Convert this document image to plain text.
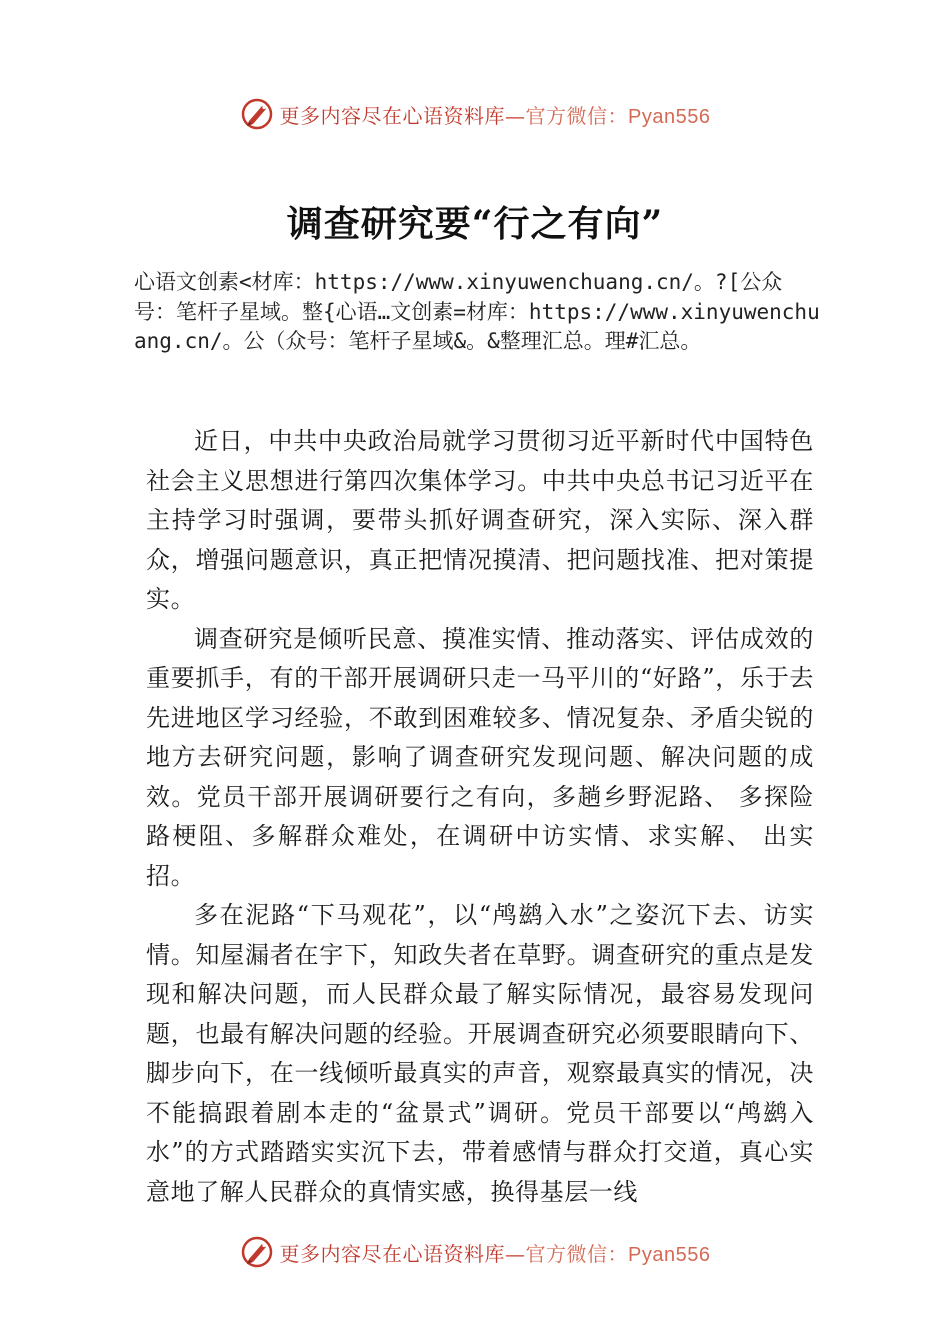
更多内容尽在心语资料库—官方微信：Pyan556
调查研究要“行之有向”
心语文创素<材库：https://www.xinyuwenchuang.cn/。?[公众号：笔杆子星域。整{心语…文创素=材库：https://www.xinyuwenchuang.cn/。公（众号：笔杆子星域&。&整理汇总。理#汇总。

近日，中共中央政治局就学习贯彻习近平新时代中国特色社会主义思想进行第四次集体学习。中共中央总书记习近平在主持学习时强调，要带头抓好调查研究，深入实际、深入群众，增强问题意识，真正把情况摸清、把问题找准、把对策提实。

调查研究是倾听民意、摸准实情、推动落实、评估成效的重要抓手，有的干部开展调研只走一马平川的“好路”，乐于去先进地区学习经验，不敢到困难较多、情况复杂、矛盾尖锐的地方去研究问题，影响了调查研究发现问题、解决问题的成效。党员干部开展调研要行之有向，多趟乡野泥路、 多探险路梗阻、多解群众难处，在调研中访实情、求实解、 出实招。

多在泥路“下马观花”，以“鸬鹚入水”之姿沉下去、访实情。知屋漏者在宇下，知政失者在草野。调查研究的重点是发现和解决问题，而人民群众最了解实际情况，最容易发现问题，也最有解决问题的经验。开展调查研究必须要眼睛向下、脚步向下，在一线倾听最真实的声音，观察最真实的情况，决不能搞跟着剧本走的“盆景式”调研。党员干部要以“鸬鹚入水”的方式踏踏实实沉下去，带着感情与群众打交道，真心实意地了解人民群众的真情实感，换得基层一线

更多内容尽在心语资料库—官方微信：Pyan556
